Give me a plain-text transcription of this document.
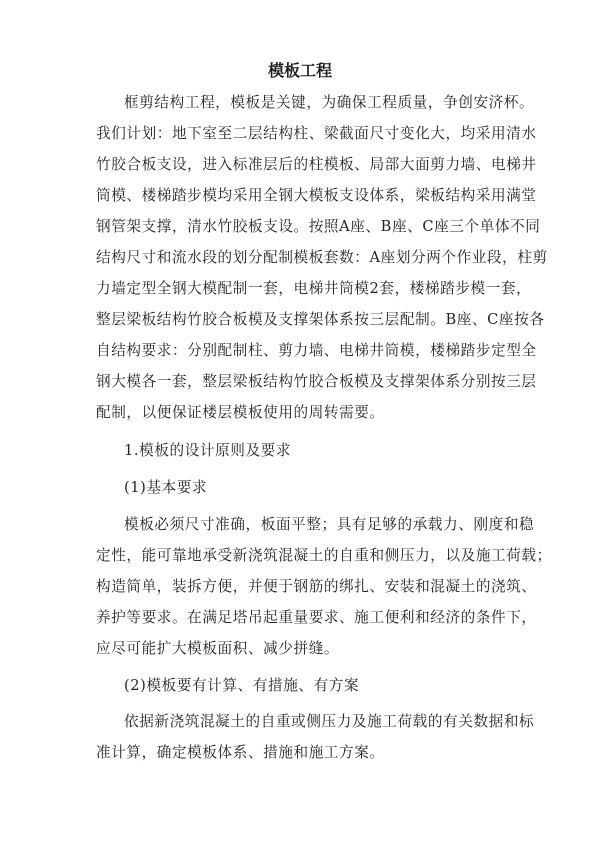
模板工程
框剪结构工程，模板是关键，为确保工程质量，争创安济杯。
我们计划：地下室至二层结构柱、梁截面尺寸变化大，均采用清水
竹胶合板支设，进入标准层后的柱模板、局部大面剪力墙、电梯井
筒模、楼梯踏步模均采用全钢大模板支设体系，梁板结构采用满堂
钢管架支撑，清水竹胶板支设。按照A座、B座、C座三个单体不同
结构尺寸和流水段的划分配制模板套数：A座划分两个作业段，柱剪
力墙定型全钢大模配制一套，电梯井筒模2套，楼梯踏步模一套，
整层梁板结构竹胶合板模及支撑架体系按三层配制。B座、C座按各
自结构要求：分别配制柱、剪力墙、电梯井筒模，楼梯踏步定型全
钢大模各一套，整层梁板结构竹胶合板模及支撑架体系分别按三层
配制，以便保证楼层模板使用的周转需要。
1.模板的设计原则及要求
(1)基本要求
模板必须尺寸准确，板面平整；具有足够的承载力、刚度和稳
定性，能可靠地承受新浇筑混凝土的自重和侧压力，以及施工荷载；
构造简单，装拆方便，并便于钢筋的绑扎、安装和混凝土的浇筑、
养护等要求。在满足塔吊起重量要求、施工便利和经济的条件下，
应尽可能扩大模板面积、减少拼缝。
(2)模板要有计算、有措施、有方案
依据新浇筑混凝土的自重或侧压力及施工荷载的有关数据和标
准计算，确定模板体系、措施和施工方案。
